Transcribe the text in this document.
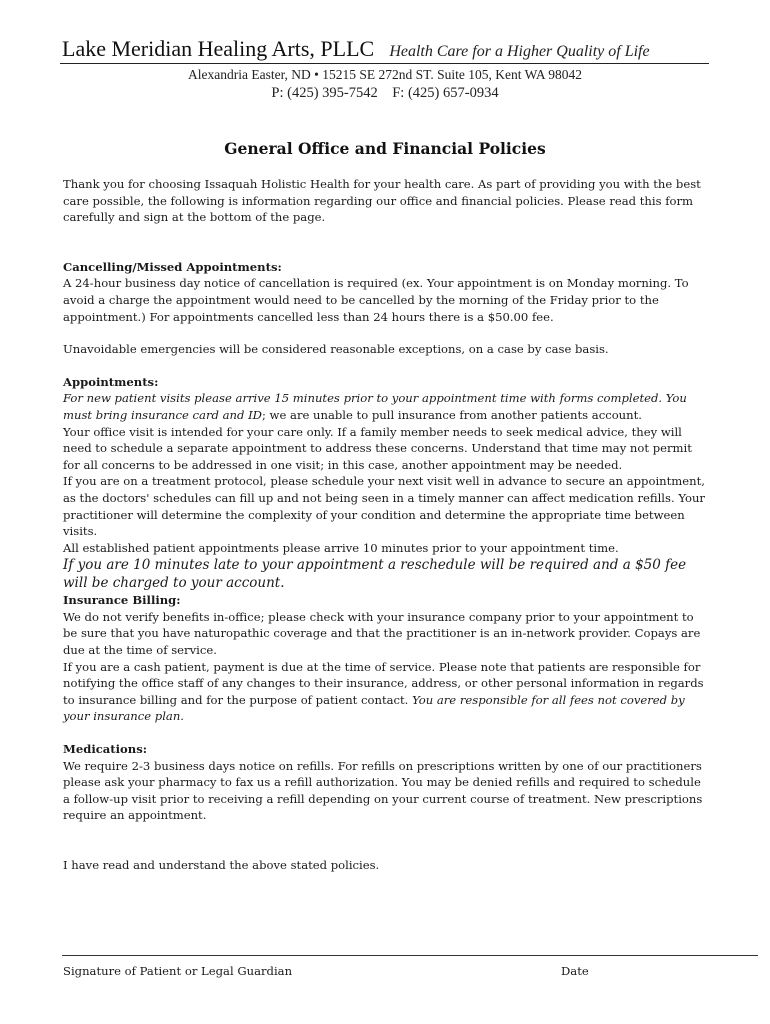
Lake Meridian Healing Arts, PLLC Health Care for a Higher Quality of Life
Alexandria Easter, ND • 15215 SE 272nd ST. Suite 105, Kent WA 98042
P: (425) 395-7542    F: (425) 657-0934
General Office and Financial Policies

Thank you for choosing Issaquah Holistic Health for your health care. As part of providing you with the best care possible, the following is information regarding our office and financial policies. Please read this form carefully and sign at the bottom of the page.

Cancelling/Missed Appointments:

A 24-hour business day notice of cancellation is required (ex. Your appointment is on Monday morning. To avoid a charge the appointment would need to be cancelled by the morning of the Friday prior to the appointment.) For appointments cancelled less than 24 hours there is a $50.00 fee.

Unavoidable emergencies will be considered reasonable exceptions, on a case by case basis.

Appointments:

For new patient visits please arrive 15 minutes prior to your appointment time with forms completed. You must bring insurance card and ID; we are unable to pull insurance from another patients account.

Your office visit is intended for your care only. If a family member needs to seek medical advice, they will need to schedule a separate appointment to address these concerns. Understand that time may not permit for all concerns to be addressed in one visit; in this case, another appointment may be needed.

If you are on a treatment protocol, please schedule your next visit well in advance to secure an appointment, as the doctors' schedules can fill up and not being seen in a timely manner can affect medication refills. Your practitioner will determine the complexity of your condition and determine the appropriate time between visits.

All established patient appointments please arrive 10 minutes prior to your appointment time.

If you are 10 minutes late to your appointment a reschedule will be required and a $50 fee will be charged to your account.

Insurance Billing:

We do not verify benefits in-office; please check with your insurance company prior to your appointment to be sure that you have naturopathic coverage and that the practitioner is an in-network provider. Copays are due at the time of service.

If you are a cash patient, payment is due at the time of service. Please note that patients are responsible for notifying the office staff of any changes to their insurance, address, or other personal information in regards to insurance billing and for the purpose of patient contact. You are responsible for all fees not covered by your insurance plan.

Medications:

We require 2-3 business days notice on refills. For refills on prescriptions written by one of our practitioners please ask your pharmacy to fax us a refill authorization. You may be denied refills and required to schedule a follow-up visit prior to receiving a refill depending on your current course of treatment. New prescriptions require an appointment.

I have read and understand the above stated policies.

Signature of Patient or Legal Guardian	Date
